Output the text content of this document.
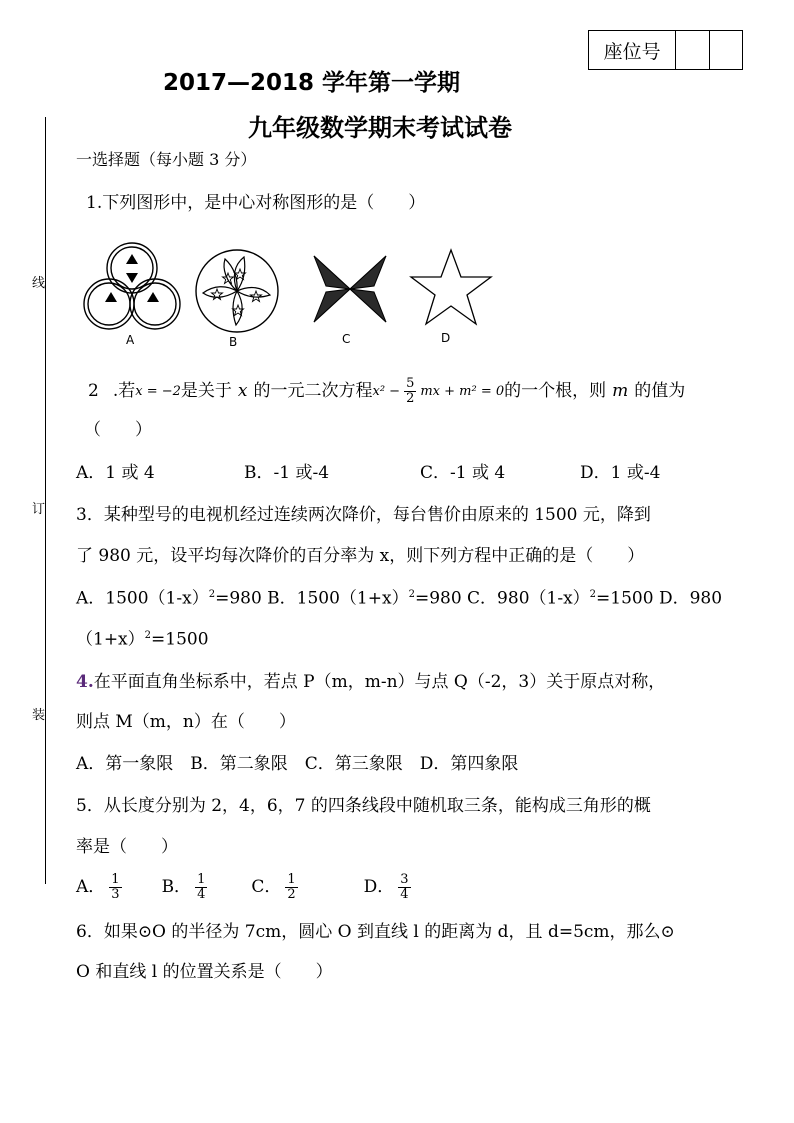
座位号
2017—2018 学年第一学期
九年级数学期末考试试卷
线
订
装
一选择题（每小题 3 分）
1.下列图形中，是中心对称图形的是（　　）
A	B	C	D
2 .若 x = −2 是关于 x 的一元二次方程 $x^2 - \frac{5}{2}$ mx + m² = 0 的一个根，则 m 的值为
（　　）
A．1 或 4	B．-1 或-4	C．-1 或 4	D．1 或-4
3．某种型号的电视机经过连续两次降价，每台售价由原来的 1500 元，降到
了 980 元，设平均每次降价的百分率为 x，则下列方程中正确的是（　　）
A．$1500(1-x)^2=980$ B．$1500(1+x)^2=980$ C．$980(1-x)^2=1500$ D．980
$(1+x)^2=1500$
4.在平面直角坐标系中，若点 P（m，m-n）与点 Q（-2，3）关于原点对称，
则点 M（m，n）在（　　）
A．第一象限　B．第二象限　C．第三象限　D．第四象限
5．从长度分别为 2，4，6，7 的四条线段中随机取三条，能构成三角形的概
率是（　　）
A． $\frac{1}{3}$ B． $\frac{1}{4}$	C． $\frac{1}{2}$	D． $\frac{3}{4}$
6．如果⊙O 的半径为 7cm，圆心 O 到直线 l 的距离为 d，且 d=5cm，那么⊙
O 和直线 l 的位置关系是（　　）
